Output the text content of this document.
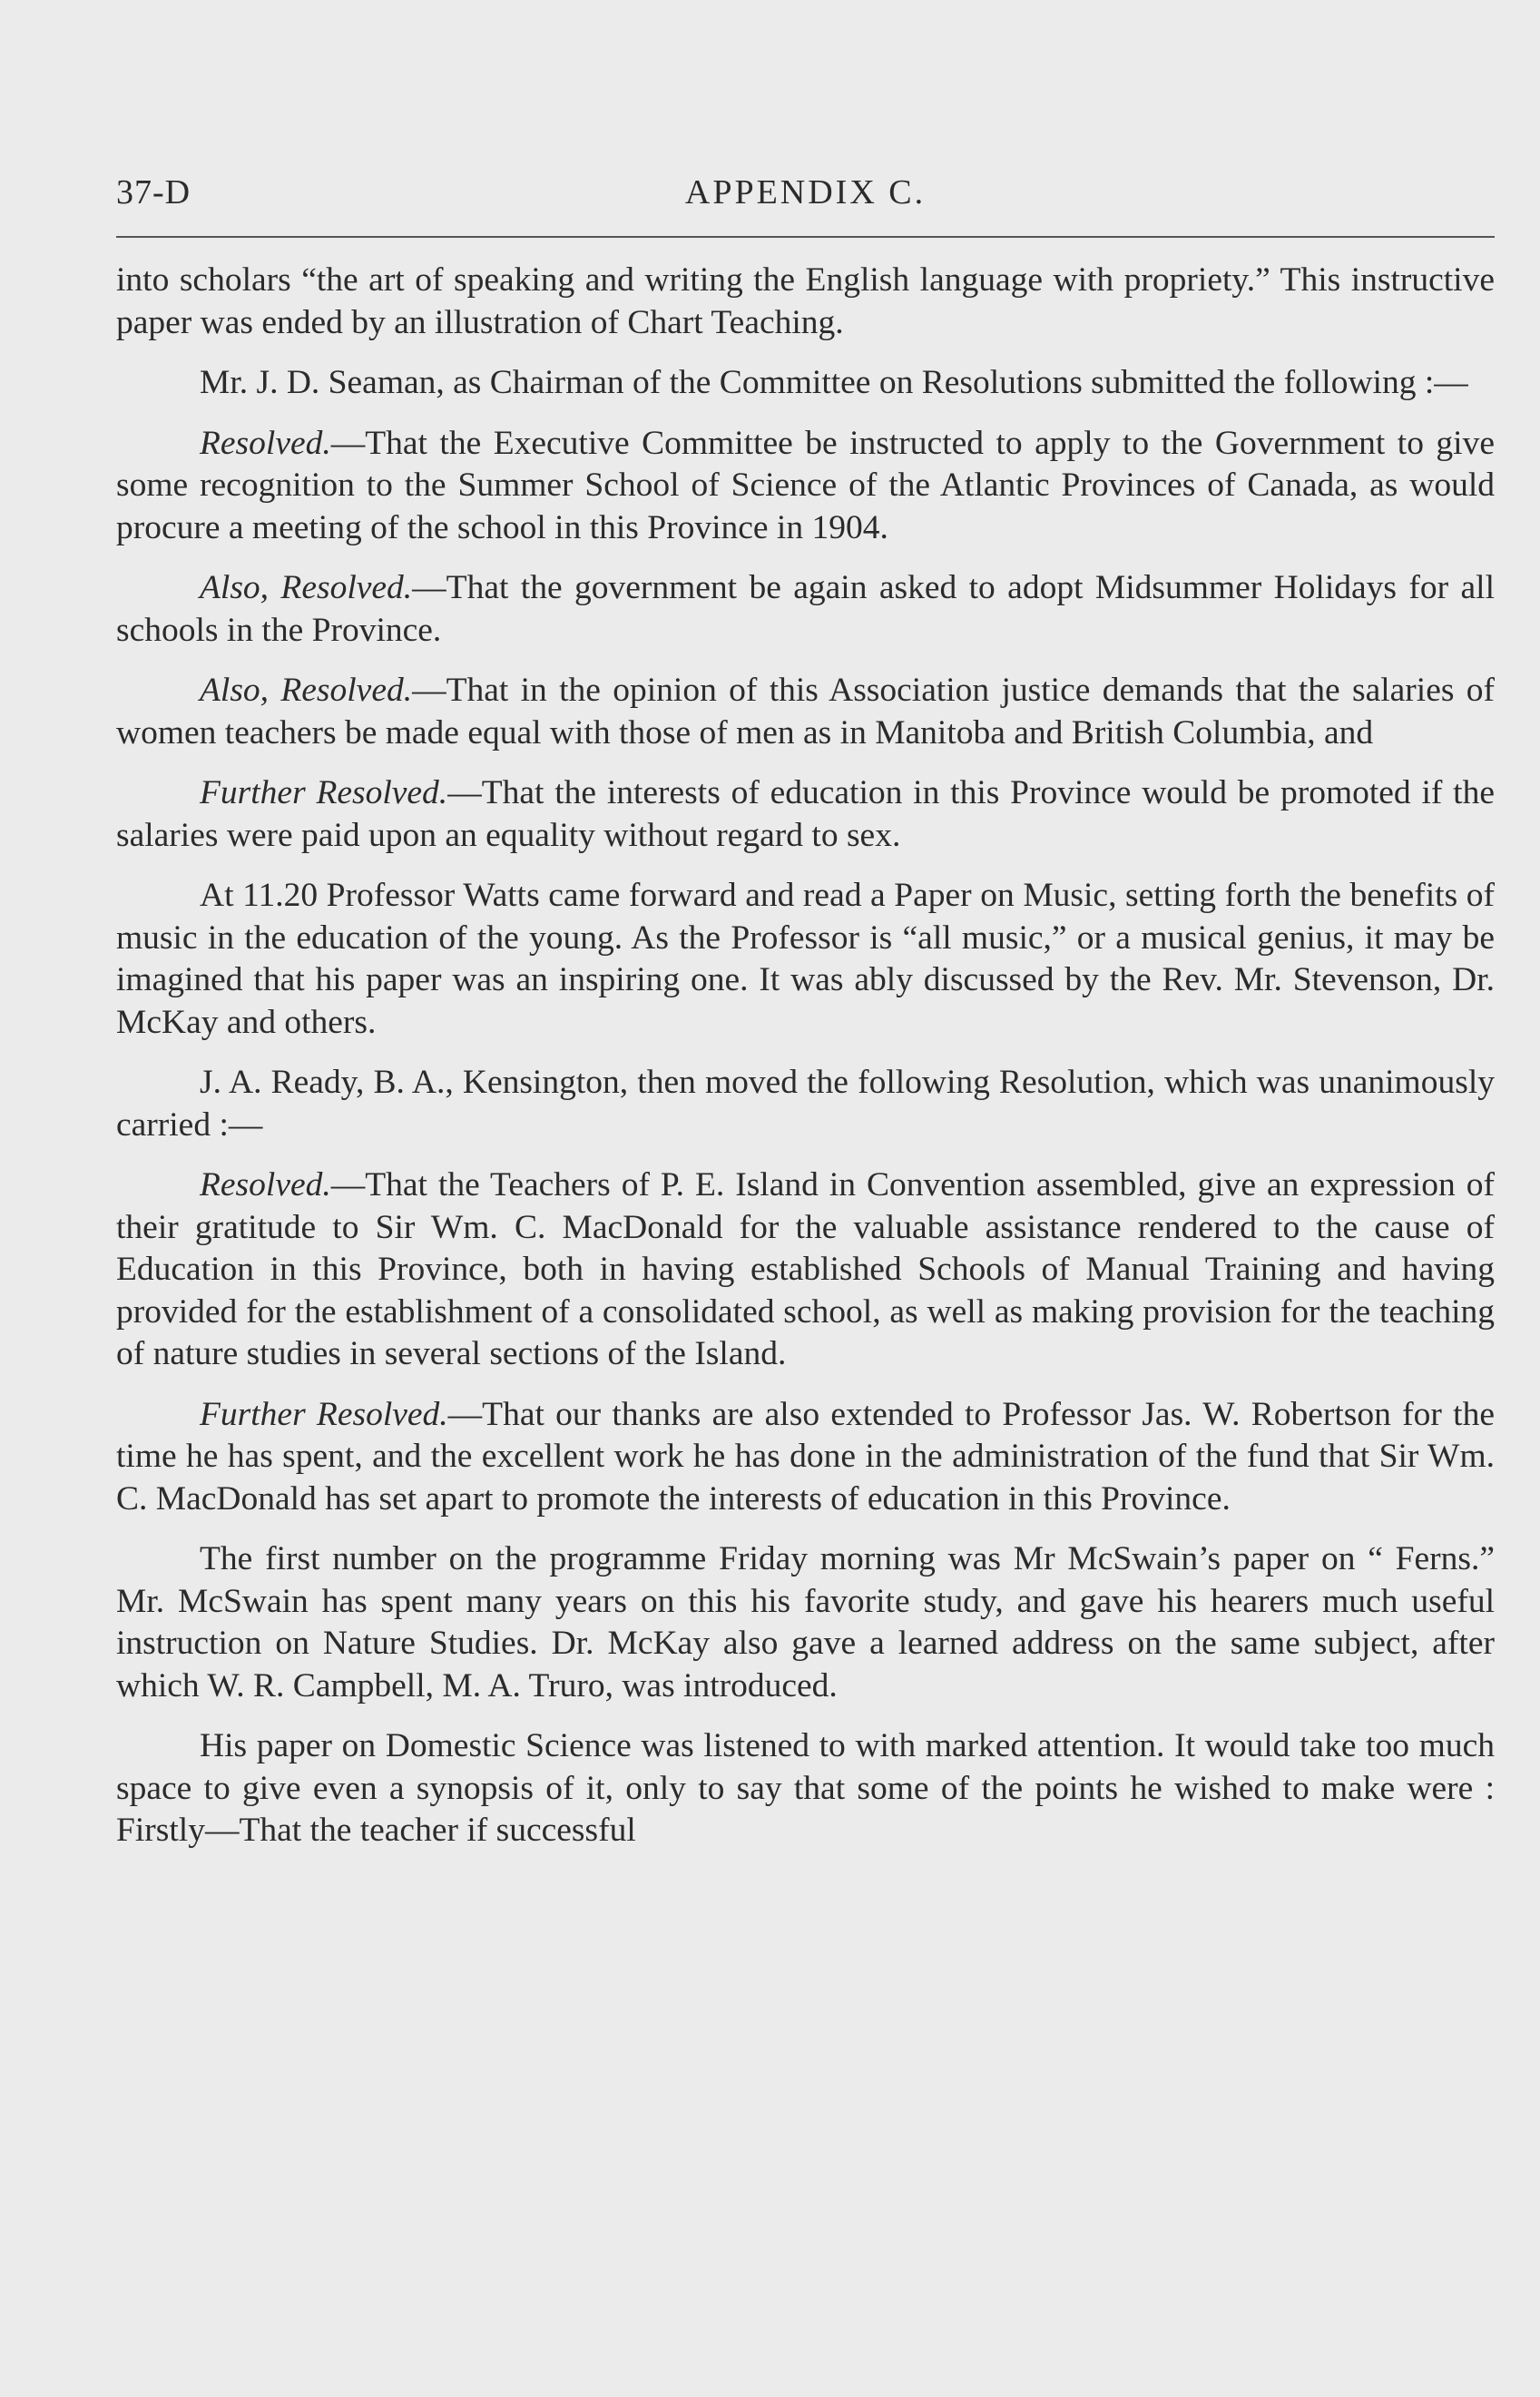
37-D	APPENDIX C.

into scholars “the art of speaking and writing the English language with propriety.” This instructive paper was ended by an illustration of Chart Teaching.

Mr. J. D. Seaman, as Chairman of the Committee on Resolutions submitted the following :—

Resolved.—That the Executive Committee be instructed to apply to the Government to give some recognition to the Summer School of Science of the Atlantic Provinces of Canada, as would procure a meeting of the school in this Province in 1904.

Also, Resolved.—That the government be again asked to adopt Midsummer Holidays for all schools in the Province.

Also, Resolved.—That in the opinion of this Association justice demands that the salaries of women teachers be made equal with those of men as in Manitoba and British Columbia, and

Further Resolved.—That the interests of education in this Province would be promoted if the salaries were paid upon an equality without regard to sex.

At 11.20 Professor Watts came forward and read a Paper on Music, setting forth the benefits of music in the education of the young. As the Professor is “all music,” or a musical genius, it may be imagined that his paper was an inspiring one. It was ably discussed by the Rev. Mr. Stevenson, Dr. McKay and others.

J. A. Ready, B. A., Kensington, then moved the following Resolution, which was unanimously carried :—

Resolved.—That the Teachers of P. E. Island in Convention assembled, give an expression of their gratitude to Sir Wm. C. MacDonald for the valuable assistance rendered to the cause of Education in this Province, both in having established Schools of Manual Training and having provided for the establishment of a consolidated school, as well as making provision for the teaching of nature studies in several sections of the Island.

Further Resolved.—That our thanks are also extended to Professor Jas. W. Robertson for the time he has spent, and the excellent work he has done in the administration of the fund that Sir Wm. C. MacDonald has set apart to promote the interests of education in this Province.

The first number on the programme Friday morning was Mr McSwain’s paper on “ Ferns.” Mr. McSwain has spent many years on this his favorite study, and gave his hearers much useful instruction on Nature Studies. Dr. McKay also gave a learned address on the same subject, after which W. R. Campbell, M. A. Truro, was introduced.

His paper on Domestic Science was listened to with marked attention. It would take too much space to give even a synopsis of it, only to say that some of the points he wished to make were : Firstly—That the teacher if successful
